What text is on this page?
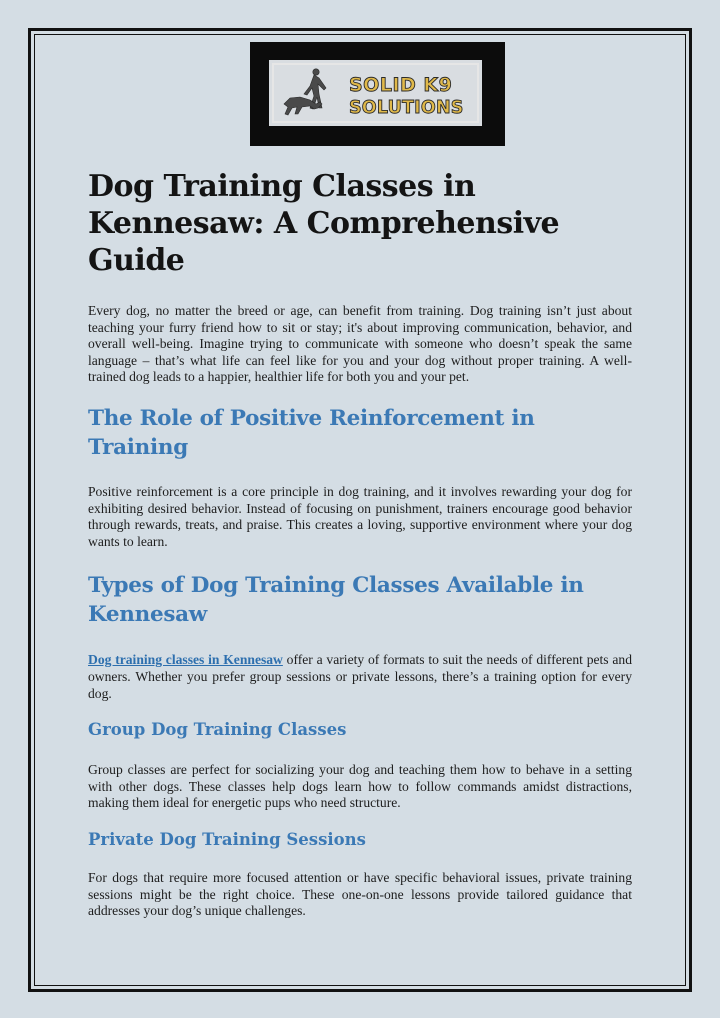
SOLID K9
SOLUTIONS
Dog Training Classes in Kennesaw: A Comprehensive Guide

Every dog, no matter the breed or age, can benefit from training. Dog training isn’t just about teaching your furry friend how to sit or stay; it's about improving communication, behavior, and overall well-being. Imagine trying to communicate with someone who doesn’t speak the same language – that’s what life can feel like for you and your dog without proper training. A well-trained dog leads to a happier, healthier life for both you and your pet.

The Role of Positive Reinforcement in Training

Positive reinforcement is a core principle in dog training, and it involves rewarding your dog for exhibiting desired behavior. Instead of focusing on punishment, trainers encourage good behavior through rewards, treats, and praise. This creates a loving, supportive environment where your dog wants to learn.

Types of Dog Training Classes Available in Kennesaw

Dog training classes in Kennesaw offer a variety of formats to suit the needs of different pets and owners. Whether you prefer group sessions or private lessons, there’s a training option for every dog.

Group Dog Training Classes

Group classes are perfect for socializing your dog and teaching them how to behave in a setting with other dogs. These classes help dogs learn how to follow commands amidst distractions, making them ideal for energetic pups who need structure.

Private Dog Training Sessions

For dogs that require more focused attention or have specific behavioral issues, private training sessions might be the right choice. These one-on-one lessons provide tailored guidance that addresses your dog’s unique challenges.
